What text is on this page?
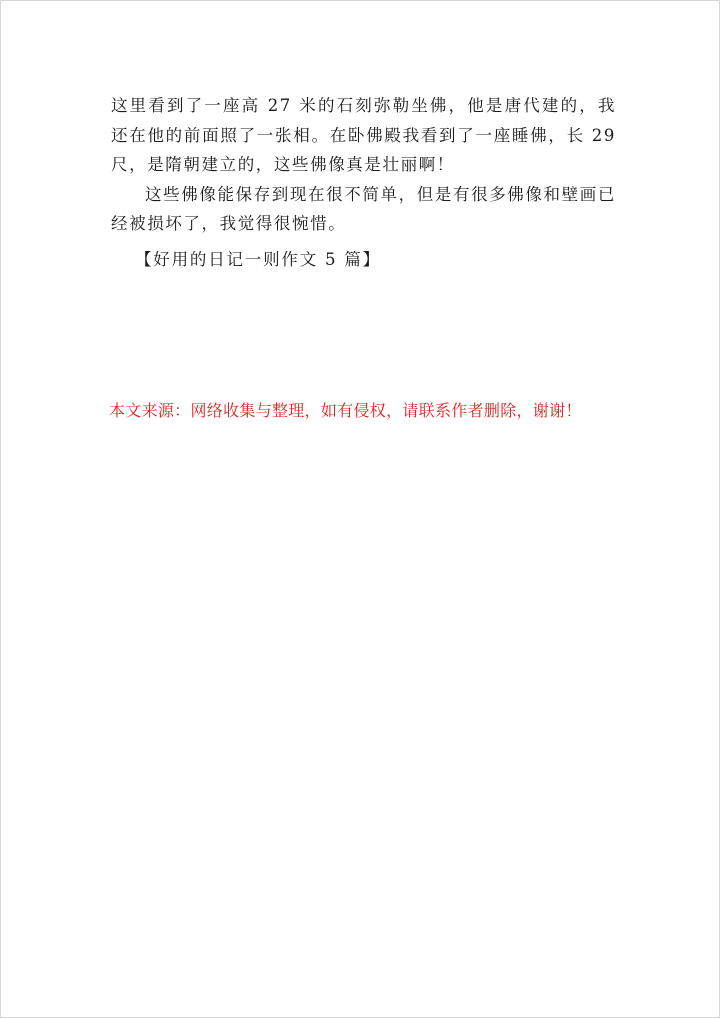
这里看到了一座高 27 米的石刻弥勒坐佛，他是唐代建的，我还在他的前面照了一张相。在卧佛殿我看到了一座睡佛，长 29 尺，是隋朝建立的，这些佛像真是壮丽啊！

这些佛像能保存到现在很不简单，但是有很多佛像和壁画已经被损坏了，我觉得很惋惜。

【好用的日记一则作文 5 篇】

本文来源：网络收集与整理，如有侵权，请联系作者删除，谢谢！
